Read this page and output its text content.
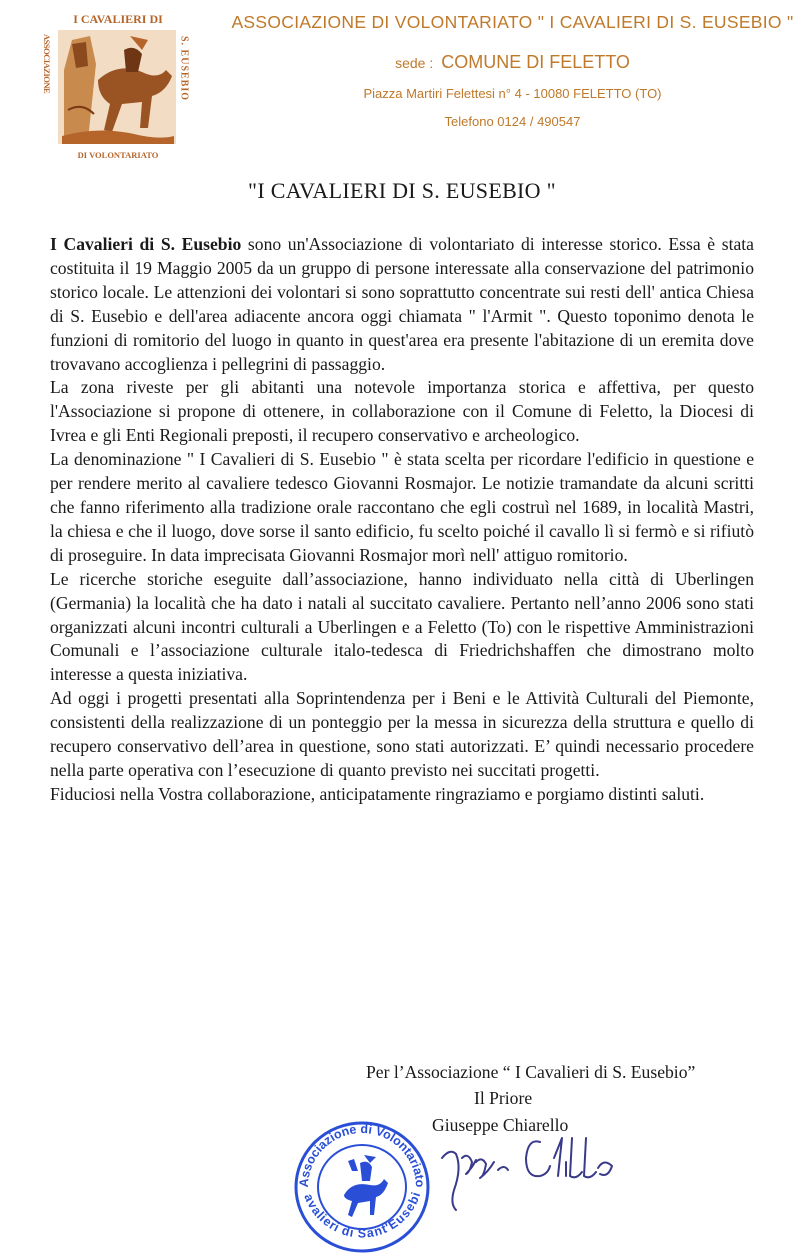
I CAVALIERI DI
DI VOLONTARIATO
ASSOCIAZIONE	S. EUSEBIO
ASSOCIAZIONE DI VOLONTARIATO " I CAVALIERI DI S. EUSEBIO "
sede : COMUNE DI FELETTO
Piazza Martiri Felettesi n° 4 - 10080 FELETTO (TO)
Telefono 0124 / 490547
"I CAVALIERI DI S. EUSEBIO "

I Cavalieri di S. Eusebio sono un'Associazione di volontariato di interesse storico. Essa è stata costituita il 19 Maggio 2005 da un gruppo di persone interessate alla conservazione del patrimonio storico locale. Le attenzioni dei volontari si sono soprattutto concentrate sui resti dell' antica Chiesa di S. Eusebio e dell'area adiacente ancora oggi chiamata " l'Armit ". Questo toponimo denota le funzioni di romitorio del luogo in quanto in quest'area era presente l'abitazione di un eremita dove trovavano accoglienza i pellegrini di passaggio.

La zona riveste per gli abitanti una notevole importanza storica e affettiva, per questo l'Associazione si propone di ottenere, in collaborazione con il Comune di Feletto, la Diocesi di Ivrea e gli Enti Regionali preposti, il recupero conservativo e archeologico.

La denominazione " I Cavalieri di S. Eusebio " è stata scelta per ricordare l'edificio in questione e per rendere merito al cavaliere tedesco Giovanni Rosmajor. Le notizie tramandate da alcuni scritti che fanno riferimento alla tradizione orale raccontano che egli costruì nel 1689, in località Mastri, la chiesa e che il luogo, dove sorse il santo edificio, fu scelto poiché il cavallo lì si fermò e si rifiutò di proseguire. In data imprecisata Giovanni Rosmajor morì nell' attiguo romitorio.

Le ricerche storiche eseguite dall’associazione, hanno individuato nella città di Uberlingen (Germania) la località che ha dato i natali al succitato cavaliere. Pertanto nell’anno 2006 sono stati organizzati alcuni incontri culturali a Uberlingen e a Feletto (To) con le rispettive Amministrazioni Comunali e l’associazione culturale italo-tedesca di Friedrichshaffen che dimostrano molto interesse a questa iniziativa.

Ad oggi i progetti presentati alla Soprintendenza per i Beni e le Attività Culturali del Piemonte, consistenti della realizzazione di un ponteggio per la messa in sicurezza della struttura e quello di recupero conservativo dell’area in questione, sono stati autorizzati. E’ quindi necessario procedere nella parte operativa con l’esecuzione di quanto previsto nei succitati progetti.

Fiduciosi nella Vostra collaborazione, anticipatamente ringraziamo e porgiamo distinti saluti.

Per l’Associazione “ I Cavalieri di S. Eusebio”
Il Priore
Giuseppe Chiarello
Associazione di Volontariato
avalieri di Sant'Eusebi
